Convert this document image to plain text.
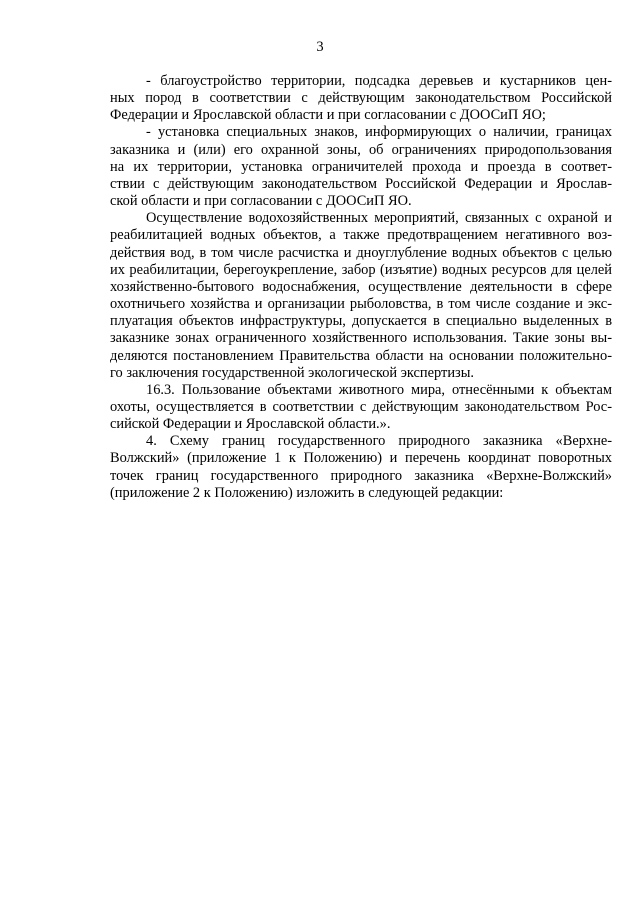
3

- благоустройство территории, подсадка деревьев и кустарников цен-
ных пород в соответствии с действующим законодательством Российской
Федерации и Ярославской области и при согласовании с ДООСиП ЯО;

- установка специальных знаков, информирующих о наличии, границах
заказника и (или) его охранной зоны, об ограничениях природопользования
на их территории, установка ограничителей прохода и проезда в соответ-
ствии с действующим законодательством Российской Федерации и Ярослав-
ской области и при согласовании с ДООСиП ЯО.

Осуществление водохозяйственных мероприятий, связанных с охраной и
реабилитацией водных объектов, а также предотвращением негативного воз-
действия вод, в том числе расчистка и дноуглубление водных объектов с целью
их реабилитации, берегоукрепление, забор (изъятие) водных ресурсов для целей
хозяйственно-бытового водоснабжения, осуществление деятельности в сфере
охотничьего хозяйства и организации рыболовства, в том числе создание и экс-
плуатация объектов инфраструктуры, допускается в специально выделенных в
заказнике зонах ограниченного хозяйственного использования. Такие зоны вы-
деляются постановлением Правительства области на основании положительно-
го заключения государственной экологической экспертизы.

16.3. Пользование объектами животного мира, отнесёнными к объектам
охоты, осуществляется в соответствии с действующим законодательством Рос-
сийской Федерации и Ярославской области.».

4. Схему границ государственного природного заказника «Верхне-
Волжский» (приложение 1 к Положению) и перечень координат поворотных
точек границ государственного природного заказника «Верхне-Волжский»
(приложение 2 к Положению) изложить в следующей редакции:
